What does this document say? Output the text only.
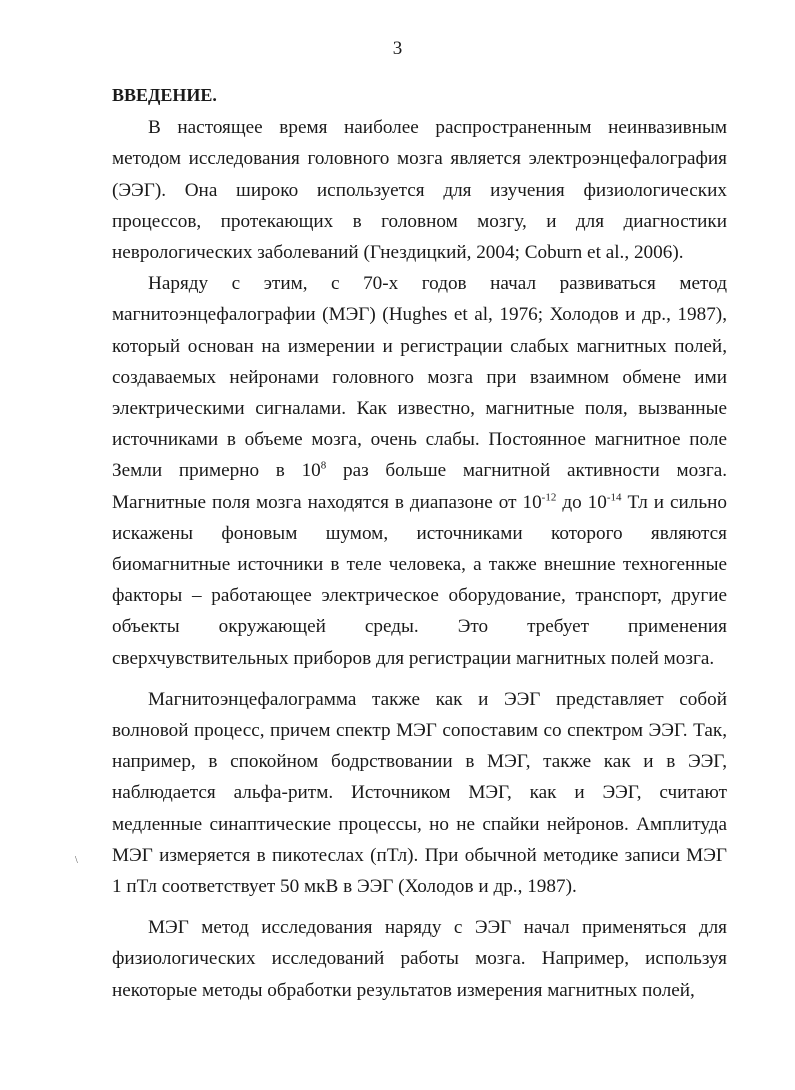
3

ВВЕДЕНИЕ.

В настоящее время наиболее распространенным неинвазивным методом исследования головного мозга является электроэнцефалография (ЭЭГ). Она широко используется для изучения физиологических процессов, протекающих в головном мозгу, и для диагностики неврологических заболеваний (Гнездицкий, 2004; Coburn et al., 2006).

Наряду с этим, с 70-х годов начал развиваться метод магнитоэнцефалографии (МЭГ) (Hughes et al, 1976; Холодов и др., 1987), который основан на измерении и регистрации слабых магнитных полей, создаваемых нейронами головного мозга при взаимном обмене ими электрическими сигналами. Как известно, магнитные поля, вызванные источниками в объеме мозга, очень слабы. Постоянное магнитное поле Земли примерно в $10^8$ раз больше магнитной активности мозга. Магнитные поля мозга находятся в диапазоне от $10^{-12}$ до $10^{-14}$ Тл и сильно искажены фоновым шумом, источниками которого являются биомагнитные источники в теле человека, а также внешние техногенные факторы – работающее электрическое оборудование, транспорт, другие объекты окружающей среды. Это требует применения сверхчувствительных приборов для регистрации магнитных полей мозга.

Магнитоэнцефалограмма также как и ЭЭГ представляет собой волновой процесс, причем спектр МЭГ сопоставим со спектром ЭЭГ. Так, например, в спокойном бодрствовании в МЭГ, также как и в ЭЭГ, наблюдается альфа-ритм. Источником МЭГ, как и ЭЭГ, считают медленные синаптические процессы, но не спайки нейронов. Амплитуда МЭГ измеряется в пикотеслах (пТл). При обычной методике записи МЭГ 1 пТл соответствует 50 мкВ в ЭЭГ (Холодов и др., 1987).

МЭГ метод исследования наряду с ЭЭГ начал применяться для физиологических исследований работы мозга. Например, используя некоторые методы обработки результатов измерения магнитных полей,

\
